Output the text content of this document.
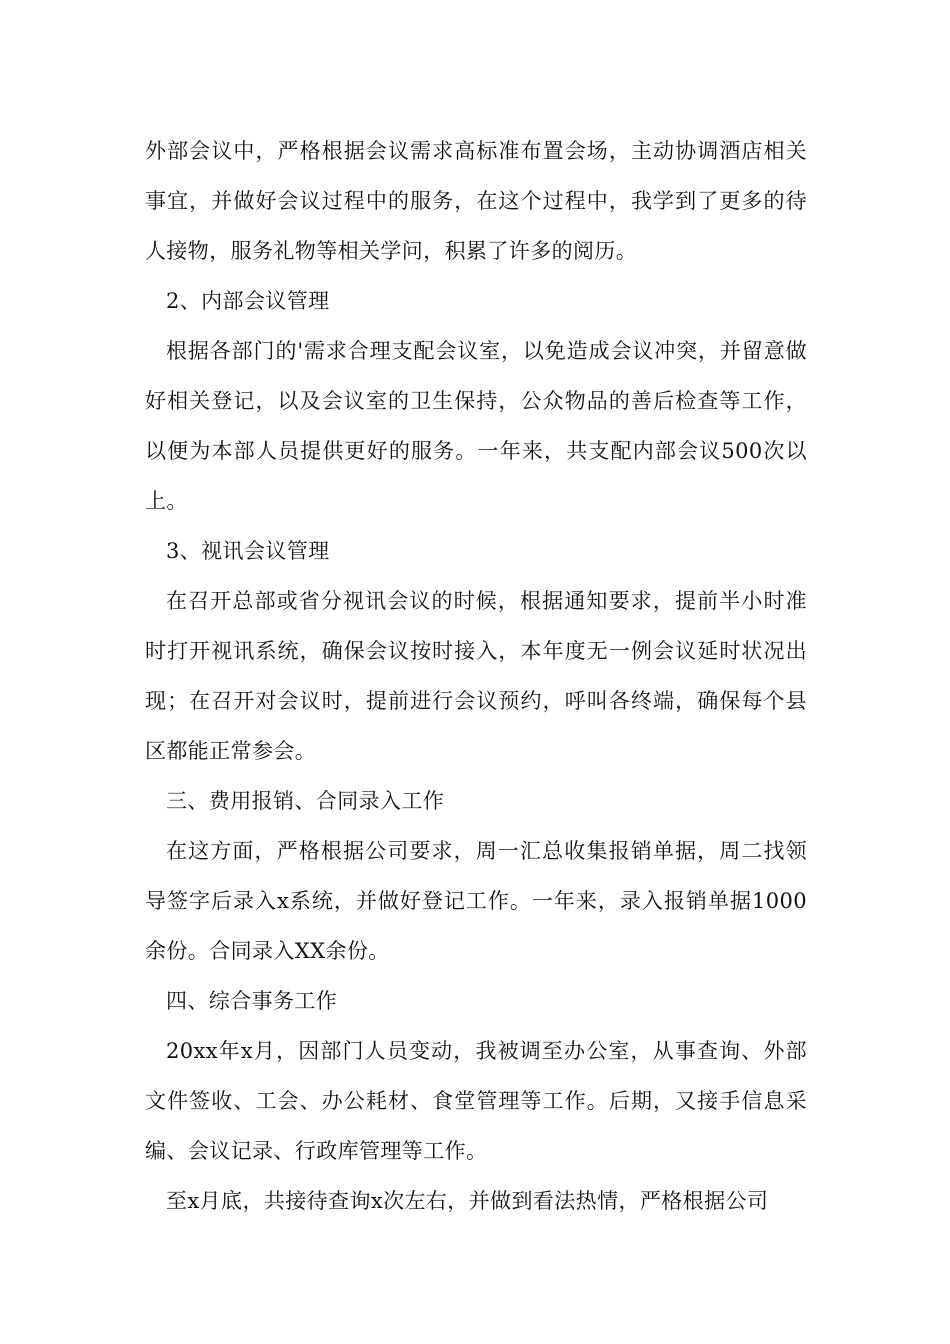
外部会议中，严格根据会议需求高标准布置会场，主动协调酒店相关事宜，并做好会议过程中的服务，在这个过程中，我学到了更多的待人接物，服务礼物等相关学问，积累了许多的阅历。

2、内部会议管理

根据各部门的'需求合理支配会议室，以免造成会议冲突，并留意做好相关登记，以及会议室的卫生保持，公众物品的善后检查等工作，以便为本部人员提供更好的服务。一年来，共支配内部会议500次以上。

3、视讯会议管理

在召开总部或省分视讯会议的时候，根据通知要求，提前半小时准时打开视讯系统，确保会议按时接入，本年度无一例会议延时状况出现；在召开对会议时，提前进行会议预约，呼叫各终端，确保每个县区都能正常参会。

三、费用报销、合同录入工作

在这方面，严格根据公司要求，周一汇总收集报销单据，周二找领导签字后录入x系统，并做好登记工作。一年来，录入报销单据1000余份。合同录入XX余份。

四、综合事务工作

20xx年x月，因部门人员变动，我被调至办公室，从事查询、外部文件签收、工会、办公耗材、食堂管理等工作。后期，又接手信息采编、会议记录、行政库管理等工作。

至x月底，共接待查询x次左右，并做到看法热情，严格根据公司
